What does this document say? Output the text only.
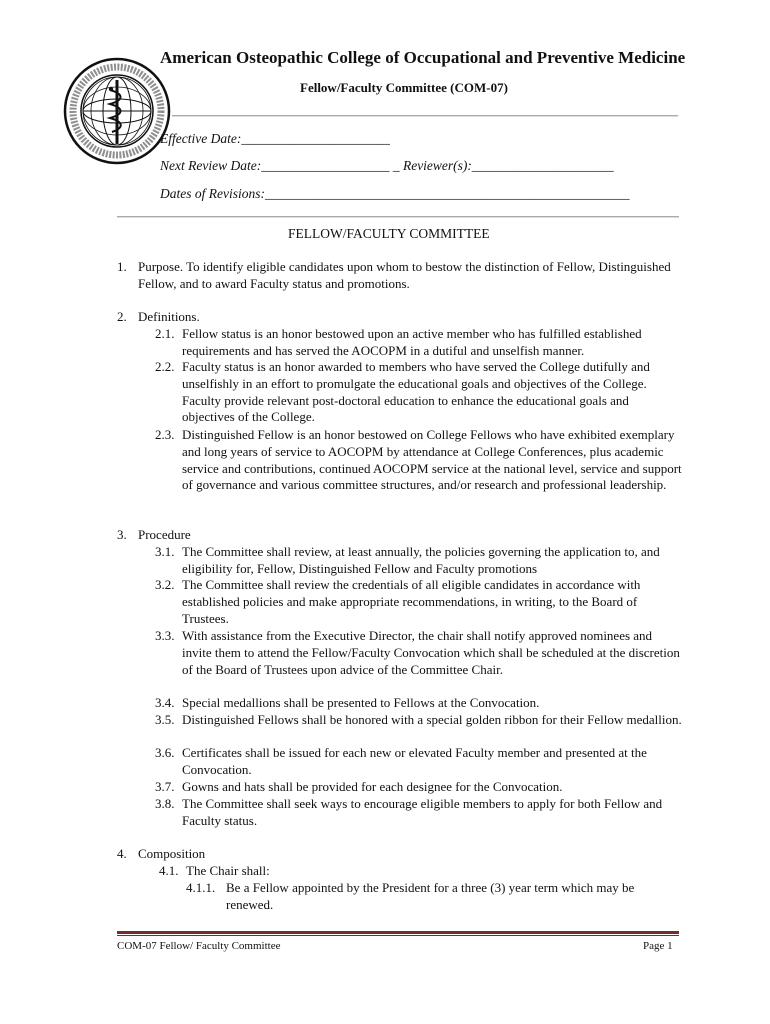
American Osteopathic College of Occupational and Preventive Medicine
Fellow/Faculty Committee (COM-07)
Effective Date:______________________
Next Review Date:___________________ _ Reviewer(s):_____________________
Dates of Revisions:______________________________________________________
FELLOW/FACULTY COMMITTEE
1. Purpose. To identify eligible candidates upon whom to bestow the distinction of Fellow, Distinguished Fellow, and to award Faculty status and promotions.
2. Definitions.
2.1. Fellow status is an honor bestowed upon an active member who has fulfilled established requirements and has served the AOCOPM in a dutiful and unselfish manner.
2.2. Faculty status is an honor awarded to members who have served the College dutifully and unselfishly in an effort to promulgate the educational goals and objectives of the College. Faculty provide relevant post-doctoral education to enhance the educational goals and objectives of the College.
2.3. Distinguished Fellow is an honor bestowed on College Fellows who have exhibited exemplary and long years of service to AOCOPM by attendance at College Conferences, plus academic service and contributions, continued AOCOPM service at the national level, service and support of governance and various committee structures, and/or research and professional leadership.
3. Procedure
3.1. The Committee shall review, at least annually, the policies governing the application to, and eligibility for, Fellow, Distinguished Fellow and Faculty promotions
3.2. The Committee shall review the credentials of all eligible candidates in accordance with established policies and make appropriate recommendations, in writing, to the Board of Trustees.
3.3. With assistance from the Executive Director, the chair shall notify approved nominees and invite them to attend the Fellow/Faculty Convocation which shall be scheduled at the discretion of the Board of Trustees upon advice of the Committee Chair.
3.4. Special medallions shall be presented to Fellows at the Convocation.
3.5. Distinguished Fellows shall be honored with a special golden ribbon for their Fellow medallion.
3.6. Certificates shall be issued for each new or elevated Faculty member and presented at the Convocation.
3.7. Gowns and hats shall be provided for each designee for the Convocation.
3.8. The Committee shall seek ways to encourage eligible members to apply for both Fellow and Faculty status.
4. Composition
4.1. The Chair shall:
4.1.1. Be a Fellow appointed by the President for a three (3) year term which may be renewed.
COM-07 Fellow/ Faculty Committee	Page 1
